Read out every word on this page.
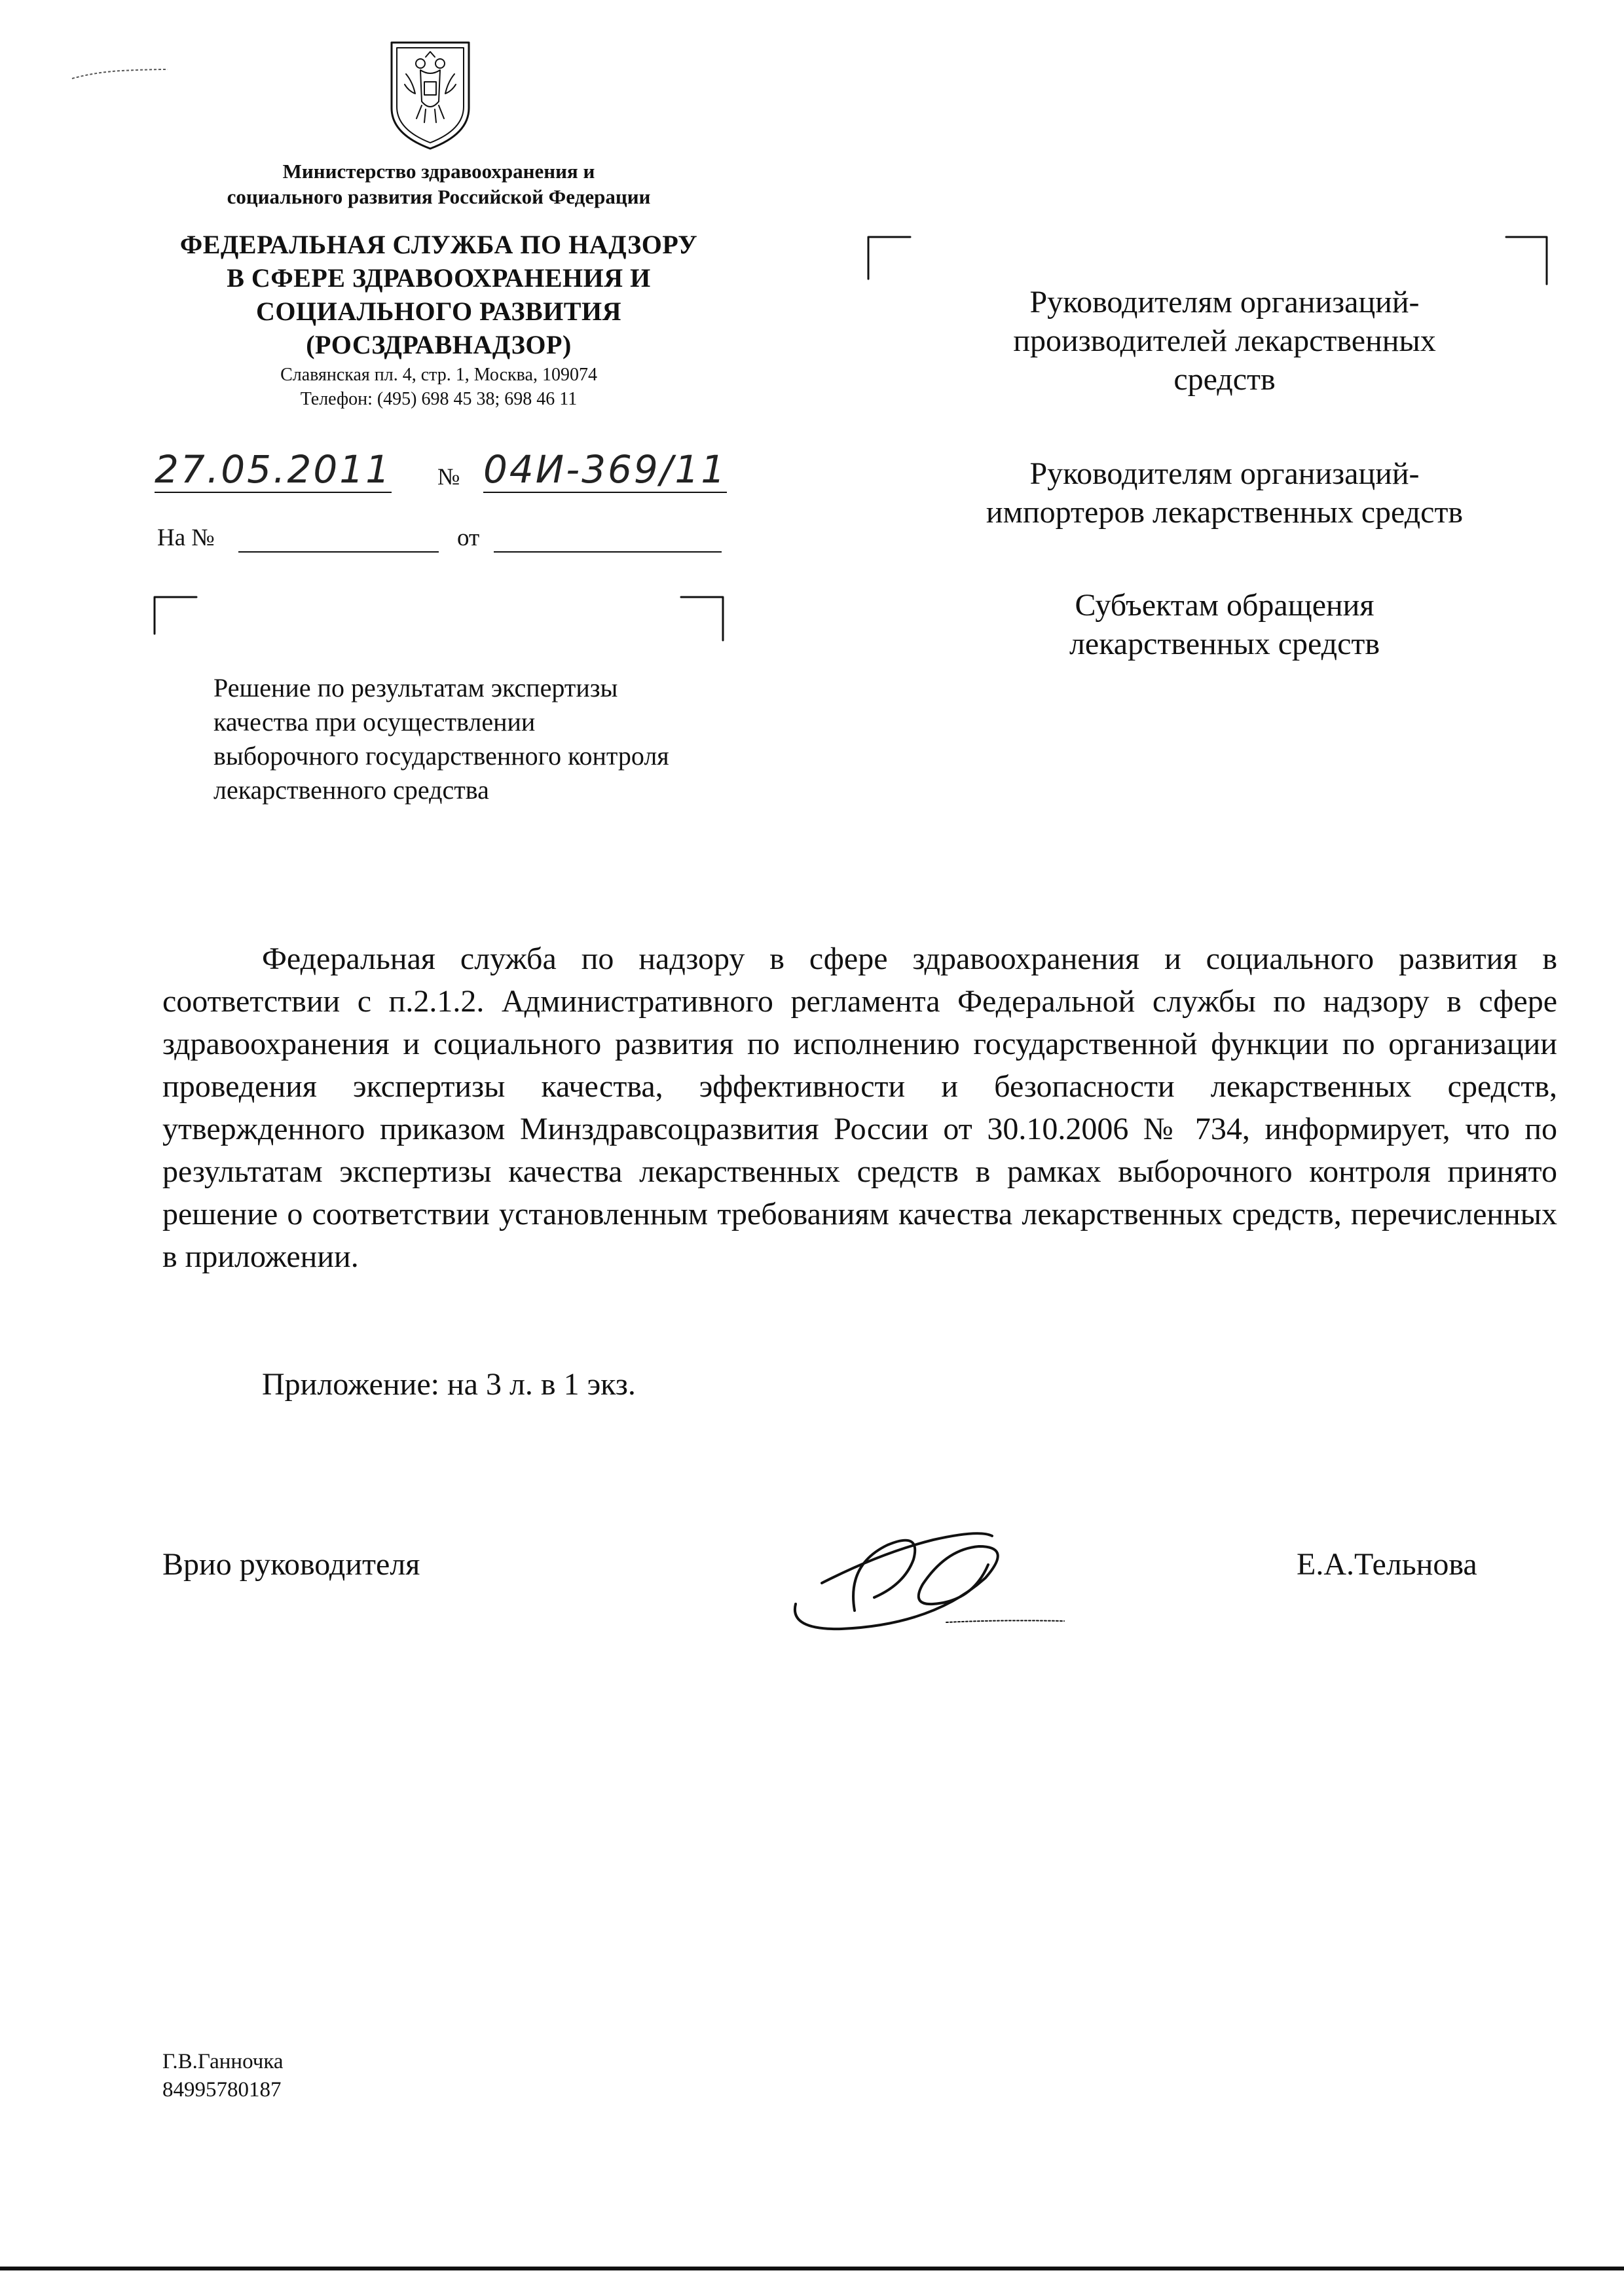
Министерство здравоохранения и
социального развития Российской Федерации
ФЕДЕРАЛЬНАЯ СЛУЖБА ПО НАДЗОРУ
В СФЕРЕ ЗДРАВООХРАНЕНИЯ И
СОЦИАЛЬНОГО РАЗВИТИЯ
(РОСЗДРАВНАДЗОР)
Славянская пл. 4, стр. 1, Москва, 109074
Телефон: (495) 698 45 38; 698 46 11
27.05.2011 № 04И-369/11
На №	от
Решение по результатам экспертизы
качества при осуществлении
выборочного государственного контроля
лекарственного средства
Руководителям организаций-
производителей лекарственных
средств
Руководителям организаций-
импортеров лекарственных средств
Субъектам обращения
лекарственных средств
Федеральная служба по надзору в сфере здравоохранения и социального развития в соответствии с п.2.1.2. Административного регламента Федеральной службы по надзору в сфере здравоохранения и социального развития по исполнению государственной функции по организации проведения экспертизы качества, эффективности и безопасности лекарственных средств, утвержденного приказом Минздравсоцразвития России от 30.10.2006 № 734, информирует, что по результатам экспертизы качества лекарственных средств в рамках выборочного контроля принято решение о соответствии установленным требованиям качества лекарственных средств, перечисленных в приложении.
Приложение: на 3 л. в 1 экз.
Врио руководителя	Е.А.Тельнова
Г.В.Ганночка
84995780187
